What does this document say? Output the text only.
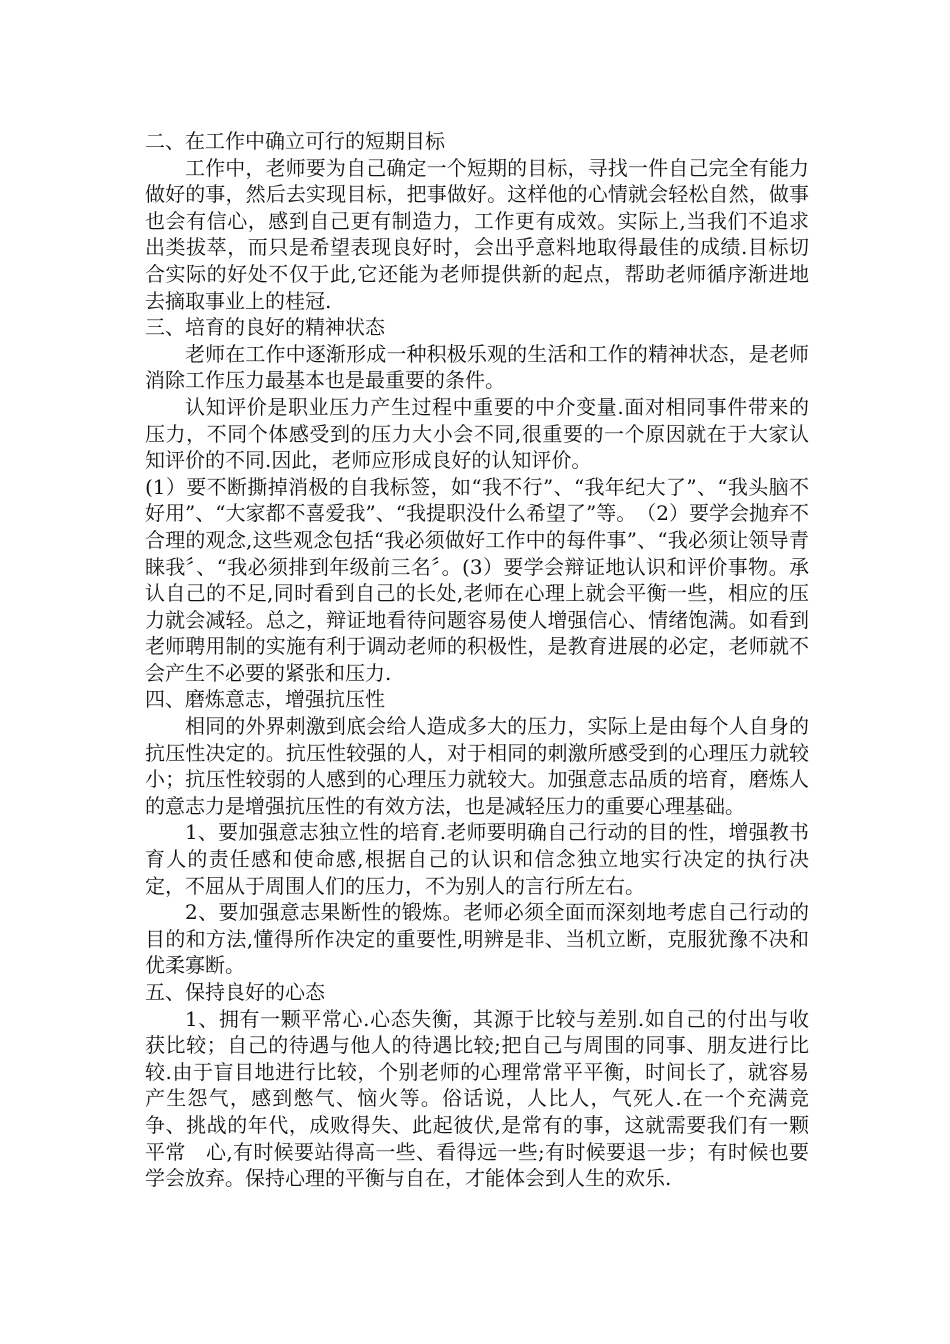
二、在工作中确立可行的短期目标

工作中，老师要为自己确定一个短期的目标，寻找一件自己完全有能力做好的事，然后去实现目标，把事做好。这样他的心情就会轻松自然，做事也会有信心，感到自己更有制造力，工作更有成效。实际上,当我们不追求出类拔萃，而只是希望表现良好时，会出乎意料地取得最佳的成绩.目标切合实际的好处不仅于此,它还能为老师提供新的起点，帮助老师循序渐进地去摘取事业上的桂冠.

三、培育的良好的精神状态

老师在工作中逐渐形成一种积极乐观的生活和工作的精神状态，是老师消除工作压力最基本也是最重要的条件。

认知评价是职业压力产生过程中重要的中介变量.面对相同事件带来的压力，不同个体感受到的压力大小会不同,很重要的一个原因就在于大家认知评价的不同.因此，老师应形成良好的认知评价。

(1）要不断撕掉消极的自我标签，如“我不行”、“我年纪大了”、“我头脑不好用”、“大家都不喜爱我”、“我提职没什么希望了”等。　（2）要学会抛弃不合理的观念,这些观念包括“我必须做好工作中的每件事”、“我必须让领导青睐我〞、“我必须排到年级前三名〞。(3）要学会辩证地认识和评价事物。承认自己的不足,同时看到自己的长处,老师在心理上就会平衡一些，相应的压力就会减轻。总之，辩证地看待问题容易使人增强信心、情绪饱满。如看到老师聘用制的实施有利于调动老师的积极性，是教育进展的必定，老师就不会产生不必要的紧张和压力.

四、磨炼意志，增强抗压性

相同的外界刺激到底会给人造成多大的压力，实际上是由每个人自身的抗压性决定的。抗压性较强的人，对于相同的刺激所感受到的心理压力就较小；抗压性较弱的人感到的心理压力就较大。加强意志品质的培育，磨炼人的意志力是增强抗压性的有效方法，也是减轻压力的重要心理基础。

1、要加强意志独立性的培育.老师要明确自己行动的目的性，增强教书育人的责任感和使命感,根据自己的认识和信念独立地实行决定的执行决定，不屈从于周围人们的压力，不为别人的言行所左右。

2、要加强意志果断性的锻炼。老师必须全面而深刻地考虑自己行动的目的和方法,懂得所作决定的重要性,明辨是非、当机立断，克服犹豫不决和优柔寡断。

五、保持良好的心态

1、拥有一颗平常心.心态失衡，其源于比较与差别.如自己的付出与收获比较；自己的待遇与他人的待遇比较;把自己与周围的同事、朋友进行比较.由于盲目地进行比较，个别老师的心理常常平平衡，时间长了，就容易产生怨气，感到憋气、恼火等。俗话说，人比人，气死人.在一个充满竞争、挑战的年代，成败得失、此起彼伏,是常有的事，这就需要我们有一颗平常　心,有时候要站得高一些、看得远一些;有时候要退一步；有时候也要学会放弃。保持心理的平衡与自在，才能体会到人生的欢乐.
